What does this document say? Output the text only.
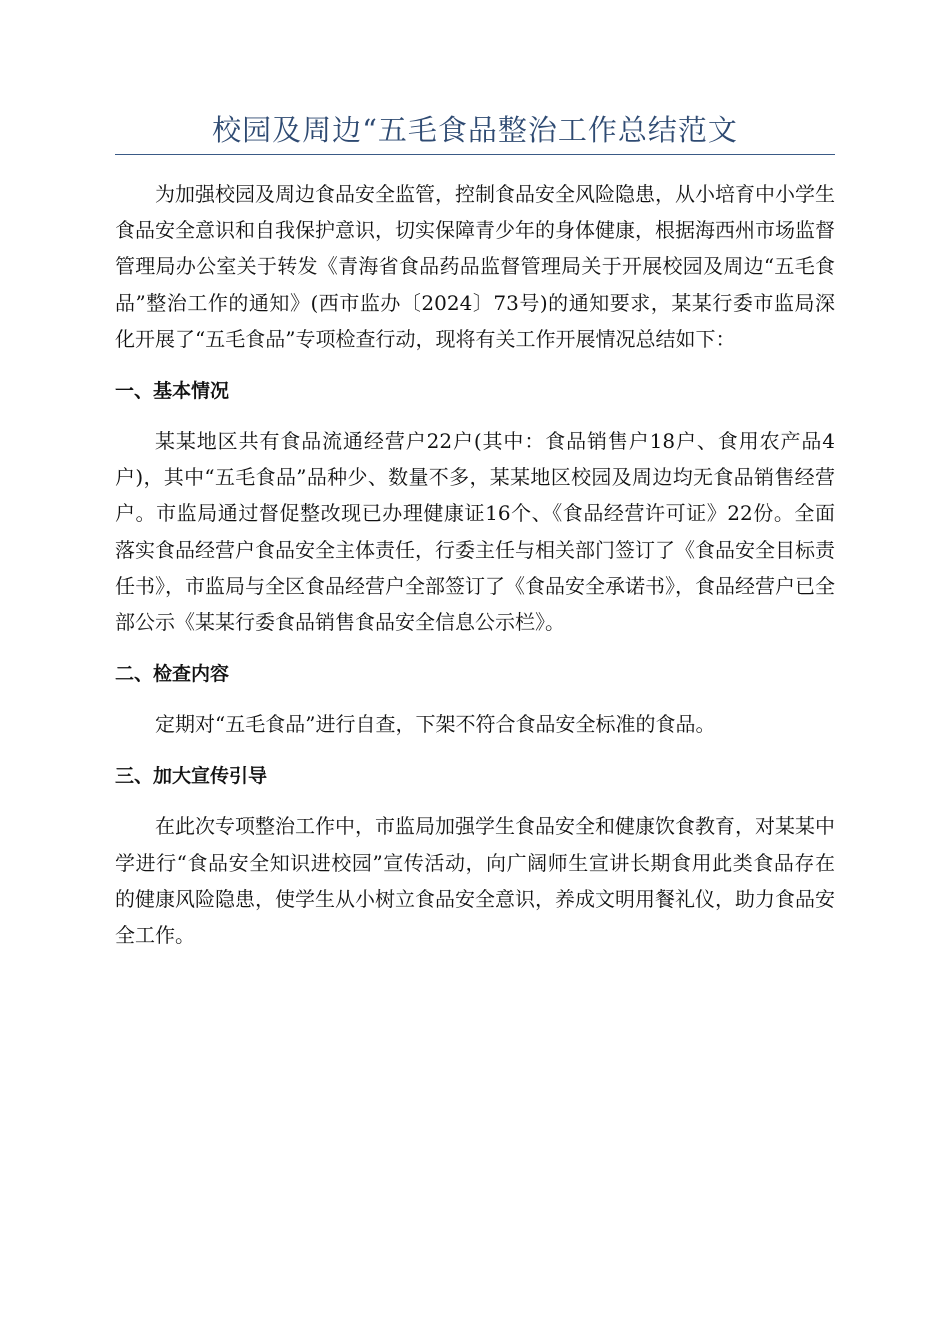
校园及周边“五毛食品整治工作总结范文

为加强校园及周边食品安全监管，控制食品安全风险隐患，从小培育中小学生食品安全意识和自我保护意识，切实保障青少年的身体健康，根据海西州市场监督管理局办公室关于转发《青海省食品药品监督管理局关于开展校园及周边“五毛食品”整治工作的通知》(西市监办〔2024〕73号)的通知要求，某某行委市监局深化开展了“五毛食品”专项检查行动，现将有关工作开展情况总结如下：

一、基本情况

某某地区共有食品流通经营户22户(其中：食品销售户18户、食用农产品4户)，其中“五毛食品”品种少、数量不多，某某地区校园及周边均无食品销售经营户。市监局通过督促整改现已办理健康证16个、《食品经营许可证》22份。全面落实食品经营户食品安全主体责任，行委主任与相关部门签订了《食品安全目标责任书》，市监局与全区食品经营户全部签订了《食品安全承诺书》，食品经营户已全部公示《某某行委食品销售食品安全信息公示栏》。

二、检查内容

定期对“五毛食品”进行自查，下架不符合食品安全标准的食品。

三、加大宣传引导

在此次专项整治工作中，市监局加强学生食品安全和健康饮食教育，对某某中学进行“食品安全知识进校园”宣传活动，向广阔师生宣讲长期食用此类食品存在的健康风险隐患，使学生从小树立食品安全意识，养成文明用餐礼仪，助力食品安全工作。
